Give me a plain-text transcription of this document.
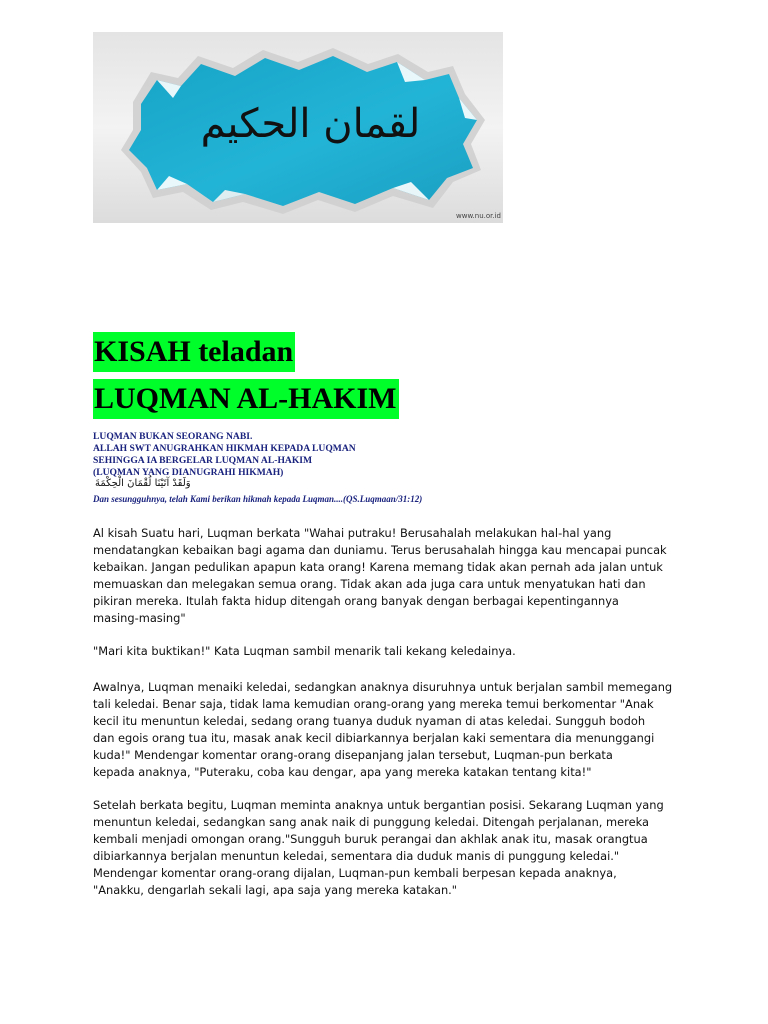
لقمان الحكيم
www.nu.or.id
KISAH teladan
LUQMAN AL-HAKIM
LUQMAN BUKAN SEORANG NABI.
ALLAH SWT ANUGRAHKAN HIKMAH KEPADA LUQMAN
SEHINGGA IA BERGELAR LUQMAN AL-HAKIM
(LUQMAN YANG DIANUGRAHI HIKMAH)
وَلَقَدْ آتَيْنَا لُقْمَانَ الْحِكْمَةَ
Dan sesungguhnya, telah Kami berikan hikmah kepada Luqman....(QS.Luqmaan/31:12)

Al kisah Suatu hari, Luqman berkata "Wahai putraku! Berusahalah melakukan hal-hal yang
mendatangkan kebaikan bagi agama dan duniamu. Terus berusahalah hingga kau mencapai puncak
kebaikan. Jangan pedulikan apapun kata orang! Karena memang tidak akan pernah ada jalan untuk
memuaskan dan melegakan semua orang. Tidak akan ada juga cara untuk menyatukan hati dan
pikiran mereka. Itulah fakta hidup ditengah orang banyak dengan berbagai kepentingannya
masing-masing"

"Mari kita buktikan!" Kata Luqman sambil menarik tali kekang keledainya.

Awalnya, Luqman menaiki keledai, sedangkan anaknya disuruhnya untuk berjalan sambil memegang
tali keledai. Benar saja, tidak lama kemudian orang-orang yang mereka temui berkomentar "Anak
kecil itu menuntun keledai, sedang orang tuanya duduk nyaman di atas keledai. Sungguh bodoh
dan egois orang tua itu, masak anak kecil dibiarkannya berjalan kaki sementara dia menunggangi
kuda!" Mendengar komentar orang-orang disepanjang jalan tersebut, Luqman-pun berkata
kepada anaknya, "Puteraku, coba kau dengar, apa yang mereka katakan tentang kita!"

Setelah berkata begitu, Luqman meminta anaknya untuk bergantian posisi. Sekarang Luqman yang
menuntun keledai, sedangkan sang anak naik di punggung keledai. Ditengah perjalanan, mereka
kembali menjadi omongan orang."Sungguh buruk perangai dan akhlak anak itu, masak orangtua
dibiarkannya berjalan menuntun keledai, sementara dia duduk manis di punggung keledai."
Mendengar komentar orang-orang dijalan, Luqman-pun kembali berpesan kepada anaknya,
"Anakku, dengarlah sekali lagi, apa saja yang mereka katakan."
